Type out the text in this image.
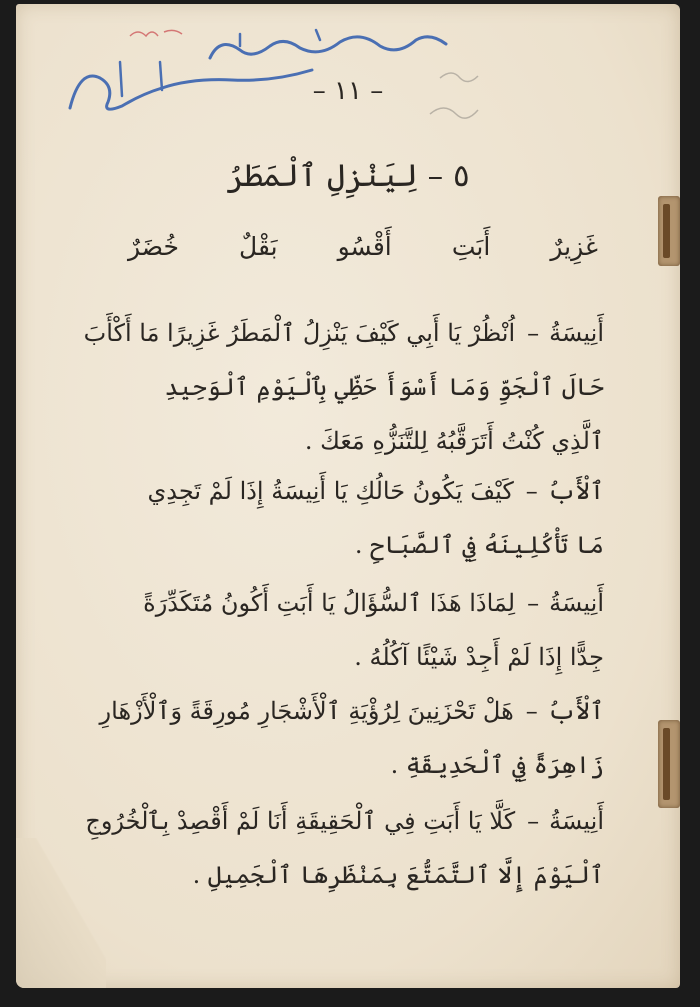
– ١١ –
٥ – لِيَنْزِلِ ٱلْمَطَرُ
غَزِيرٌ
أَبَتِ
أَقْسُو
بَقْلٌ
خُضَرٌ
أَنِيسَةُ–اُنْظُرْ يَا أَبِي كَيْفَ يَنْزِلُ ٱلْمَطَرُ غَزِيرًا مَا أَكْأَبَ
حَالَ ٱلْجَوِّ وَمَا أَسْوَأَ حَظِّي بِٱلْيَوْمِ ٱلْوَحِيدِ
ٱلَّذِي كُنْتُ أَتَرَقَّبُهُ لِلتَّنَزُّهِ مَعَكَ .
ٱلْأَبُ–كَيْفَ يَكُونُ حَالُكِ يَا أَنِيسَةُ إِذَا لَمْ تَجِدِي
مَا تَأْكُلِينَهُ فِي ٱلصَّبَاحِ .
أَنِيسَةُ–لِمَاذَا هَذَا ٱلسُّؤَالُ يَا أَبَتِ أَكُونُ مُتَكَدِّرَةً
جِدًّا إِذَا لَمْ أَجِدْ شَيْئًا آكُلُهُ .
ٱلْأَبُ–هَلْ تَحْزَنِينَ لِرُؤْيَةِ ٱلْأَشْجَارِ مُورِقَةً وَٱلْأَزْهَارِ
زَاهِرَةً فِي ٱلْحَدِيقَةِ .
أَنِيسَةُ–كَلَّا يَا أَبَتِ فِي ٱلْحَقِيقَةِ أَنَا لَمْ أَقْصِدْ بِٱلْخُرُوجِ
ٱلْيَوْمَ إِلَّا ٱلتَّمَتُّعَ بِمَنْظَرِهَا ٱلْجَمِيلِ .
